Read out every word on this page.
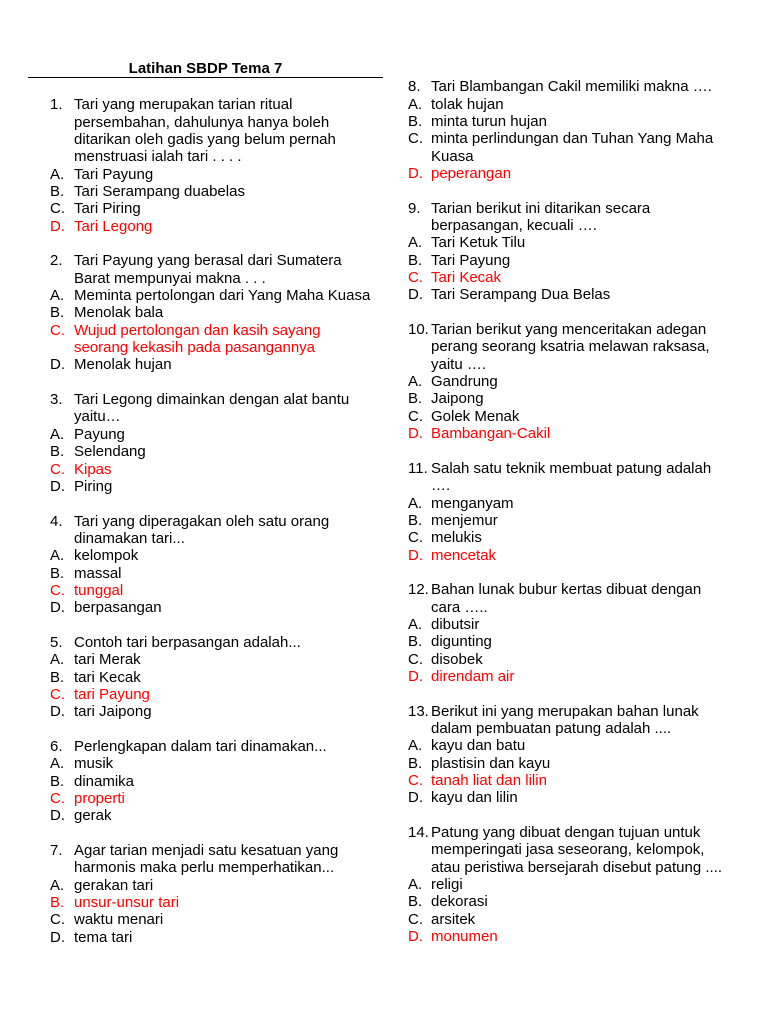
Latihan SBDP Tema 7
1. Tari yang merupakan tarian ritual
persembahan, dahulunya hanya boleh
ditarikan oleh gadis yang belum pernah
menstruasi ialah tari . . . .
A. Tari Payung
B. Tari Serampang duabelas
C. Tari Piring
D. Tari Legong
2. Tari Payung yang berasal dari Sumatera
Barat mempunyai makna . . .
A. Meminta pertolongan dari Yang Maha Kuasa
B. Menolak bala
C. Wujud pertolongan dan kasih sayang
seorang kekasih pada pasangannya
D. Menolak hujan
3. Tari Legong dimainkan dengan alat bantu
yaitu…
A. Payung
B. Selendang
C. Kipas
D. Piring
4. Tari yang diperagakan oleh satu orang
dinamakan tari...
A. kelompok
B. massal
C. tunggal
D. berpasangan
5. Contoh tari berpasangan adalah...
A. tari Merak
B. tari Kecak
C. tari Payung
D. tari Jaipong
6. Perlengkapan dalam tari dinamakan...
A. musik
B. dinamika
C. properti
D. gerak
7. Agar tarian menjadi satu kesatuan yang
harmonis maka perlu memperhatikan...
A. gerakan tari
B. unsur-unsur tari
C. waktu menari
D. tema tari
8. Tari Blambangan Cakil memiliki makna ….
A. tolak hujan
B. minta turun hujan
C. minta perlindungan dan Tuhan Yang Maha
Kuasa
D. peperangan
9. Tarian berikut ini ditarikan secara
berpasangan, kecuali ….
A. Tari Ketuk Tilu
B. Tari Payung
C. Tari Kecak
D. Tari Serampang Dua Belas
10. Tarian berikut yang menceritakan adegan
perang seorang ksatria melawan raksasa,
yaitu ….
A. Gandrung
B. Jaipong
C. Golek Menak
D. Bambangan-Cakil
11. Salah satu teknik membuat patung adalah
….
A. menganyam
B. menjemur
C. melukis
D. mencetak
12. Bahan lunak bubur kertas dibuat dengan
cara …..
A. dibutsir
B. digunting
C. disobek
D. direndam air
13. Berikut ini yang merupakan bahan lunak
dalam pembuatan patung adalah ....
A. kayu dan batu
B. plastisin dan kayu
C. tanah liat dan lilin
D. kayu dan lilin
14. Patung yang dibuat dengan tujuan untuk
memperingati jasa seseorang, kelompok,
atau peristiwa bersejarah disebut patung ....
A. religi
B. dekorasi
C. arsitek
D. monumen
